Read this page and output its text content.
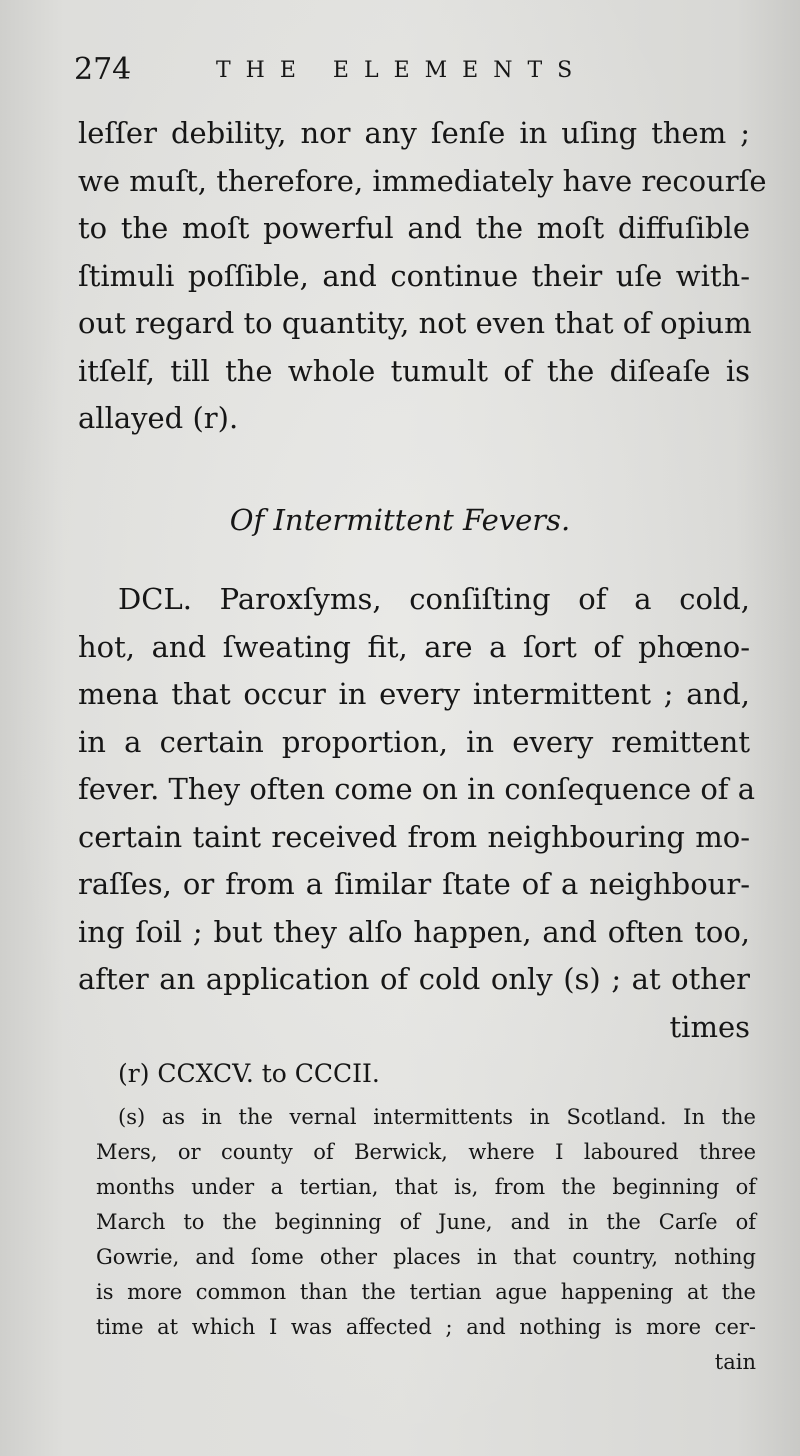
274	THE ELEMENTS
leſſer debility, nor any ſenſe in uſing them ;
we muſt, therefore, immediately have recourſe
to the moſt powerful and the moſt diffuſible
ſtimuli poſſible, and continue their uſe with-
out regard to quantity, not even that of opium
itſelf, till the whole tumult of the diſeaſe is
allayed (r).
Of Intermittent Fevers.
DCL. Paroxſyms, conſiſting of a cold,
hot, and ſweating fit, are a ſort of phœno-
mena that occur in every intermittent ; and,
in a certain proportion, in every remittent
fever. They often come on in conſequence of a
certain taint received from neighbouring mo-
raſſes, or from a ſimilar ſtate of a neighbour-
ing ſoil ; but they alſo happen, and often too,
after an application of cold only (s) ; at other
times
(r) CCXCV. to CCCII.
(s) as in the vernal intermittents in Scotland. In the
Mers, or county of Berwick, where I laboured three
months under a tertian, that is, from the beginning of
March to the beginning of June, and in the Carſe of
Gowrie, and ſome other places in that country, nothing
is more common than the tertian ague happening at the
time at which I was affected ; and nothing is more cer-
tain
